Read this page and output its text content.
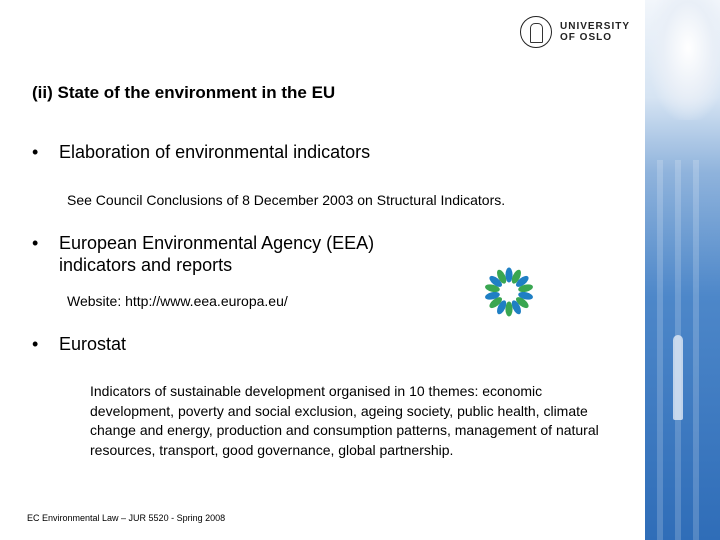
UNIVERSITY
OF OSLO
(ii) State of the environment in the EU
• Elaboration of environmental indicators
See Council Conclusions of 8 December 2003 on Structural Indicators.
• European Environmental Agency (EEA)
indicators and reports
Website: http://www.eea.europa.eu/
• Eurostat
Indicators of sustainable development organised in 10 themes: economic development, poverty and social exclusion, ageing society, public health, climate change and energy, production and consumption patterns, management of natural resources, transport, good governance, global partnership.
EC Environmental Law – JUR 5520 - Spring 2008
